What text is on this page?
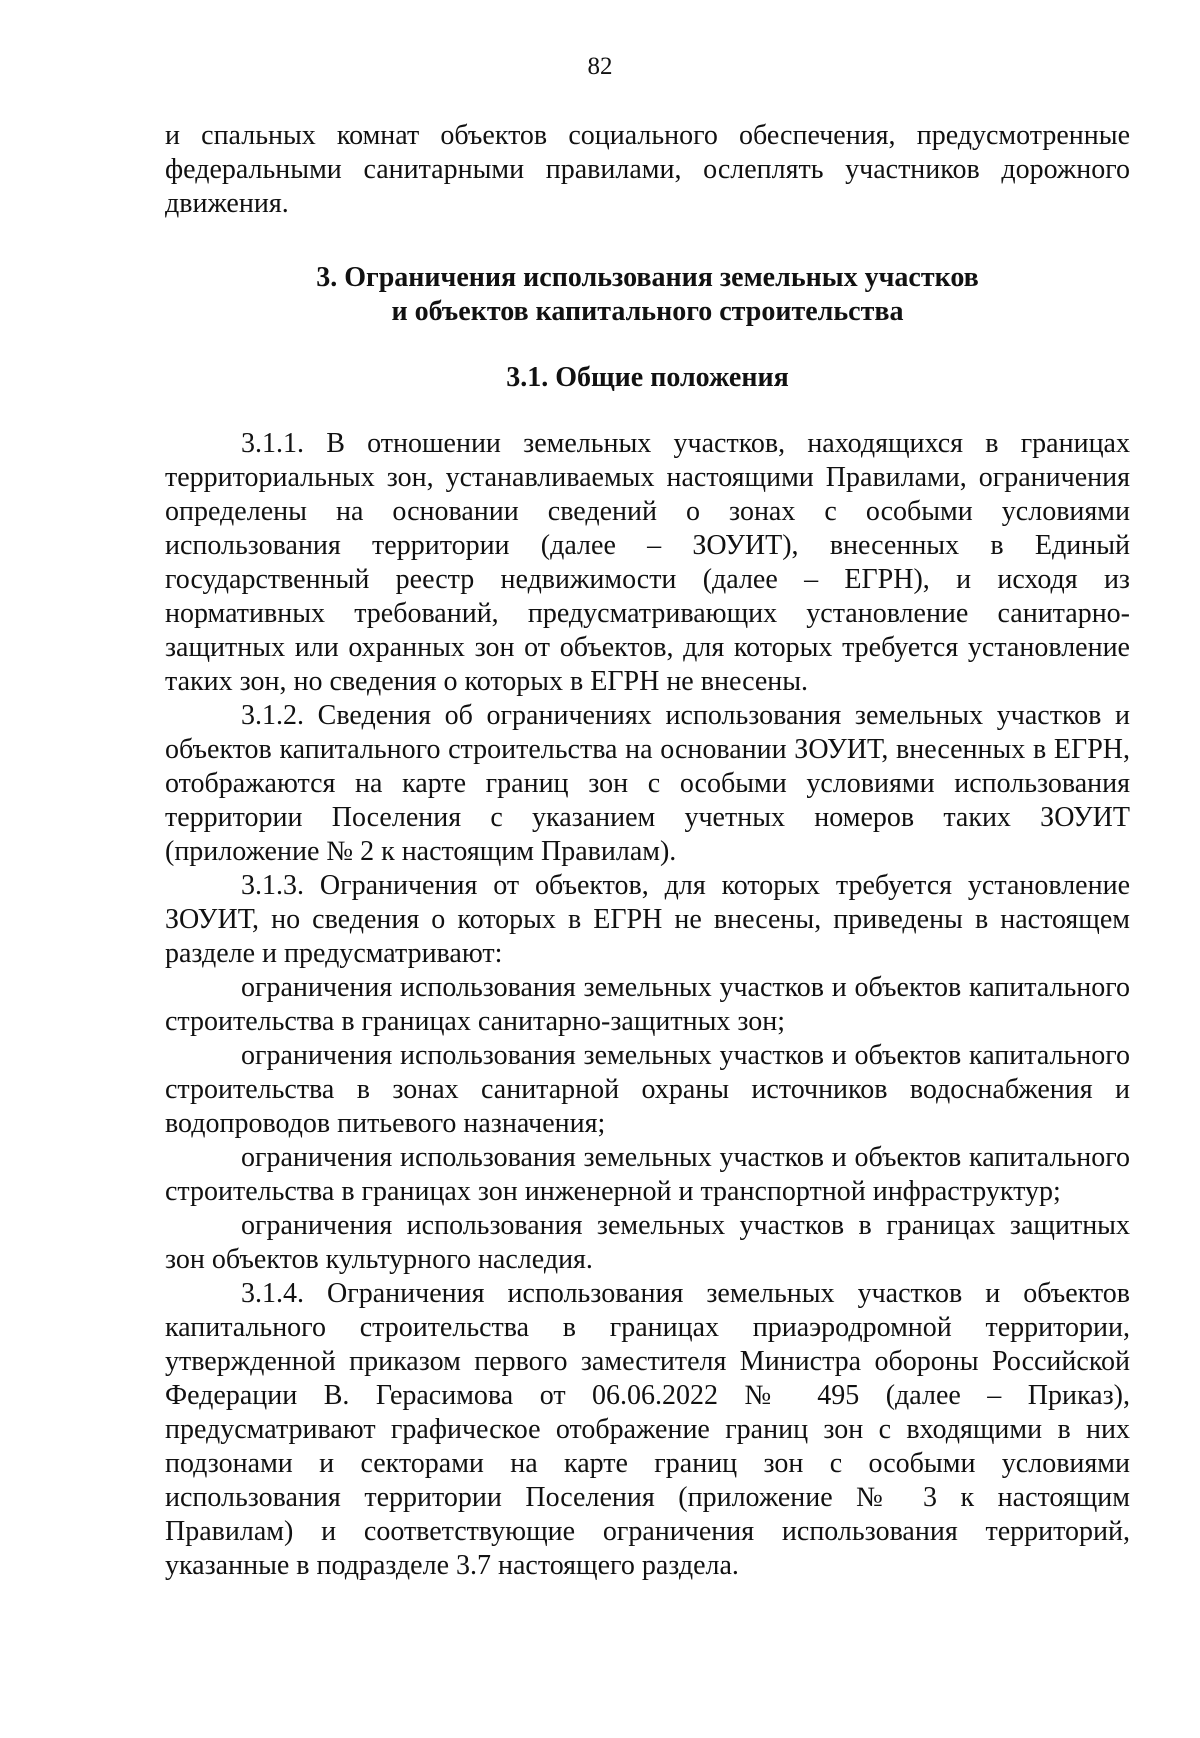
82

и спальных комнат объектов социального обеспечения, предусмотренные федеральными санитарными правилами, ослеплять участников дорожного движения.

3. Ограничения использования земельных участков
и объектов капитального строительства
3.1. Общие положения

3.1.1. В отношении земельных участков, находящихся в границах территориальных зон, устанавливаемых настоящими Правилами, ограничения определены на основании сведений о зонах с особыми условиями использования территории (далее – ЗОУИТ), внесенных в Единый государственный реестр недвижимости (далее – ЕГРН), и исходя из нормативных требований, предусматривающих установление санитарно-защитных или охранных зон от объектов, для которых требуется установление таких зон, но сведения о которых в ЕГРН не внесены.

3.1.2. Сведения об ограничениях использования земельных участков и объектов капитального строительства на основании ЗОУИТ, внесенных в ЕГРН, отображаются на карте границ зон с особыми условиями использования территории Поселения с указанием учетных номеров таких ЗОУИТ (приложение № 2 к настоящим Правилам).

3.1.3. Ограничения от объектов, для которых требуется установление ЗОУИТ, но сведения о которых в ЕГРН не внесены, приведены в настоящем разделе и предусматривают:

ограничения использования земельных участков и объектов капитального строительства в границах санитарно-защитных зон;

ограничения использования земельных участков и объектов капитального строительства в зонах санитарной охраны источников водоснабжения и водопроводов питьевого назначения;

ограничения использования земельных участков и объектов капитального строительства в границах зон инженерной и транспортной инфраструктур;

ограничения использования земельных участков в границах защитных зон объектов культурного наследия.

3.1.4. Ограничения использования земельных участков и объектов капитального строительства в границах приаэродромной территории, утвержденной приказом первого заместителя Министра обороны Российской Федерации В. Герасимова от 06.06.2022 № 495 (далее – Приказ), предусматривают графическое отображение границ зон с входящими в них подзонами и секторами на карте границ зон с особыми условиями использования территории Поселения (приложение № 3 к настоящим Правилам) и соответствующие ограничения использования территорий, указанные в подразделе 3.7 настоящего раздела.
